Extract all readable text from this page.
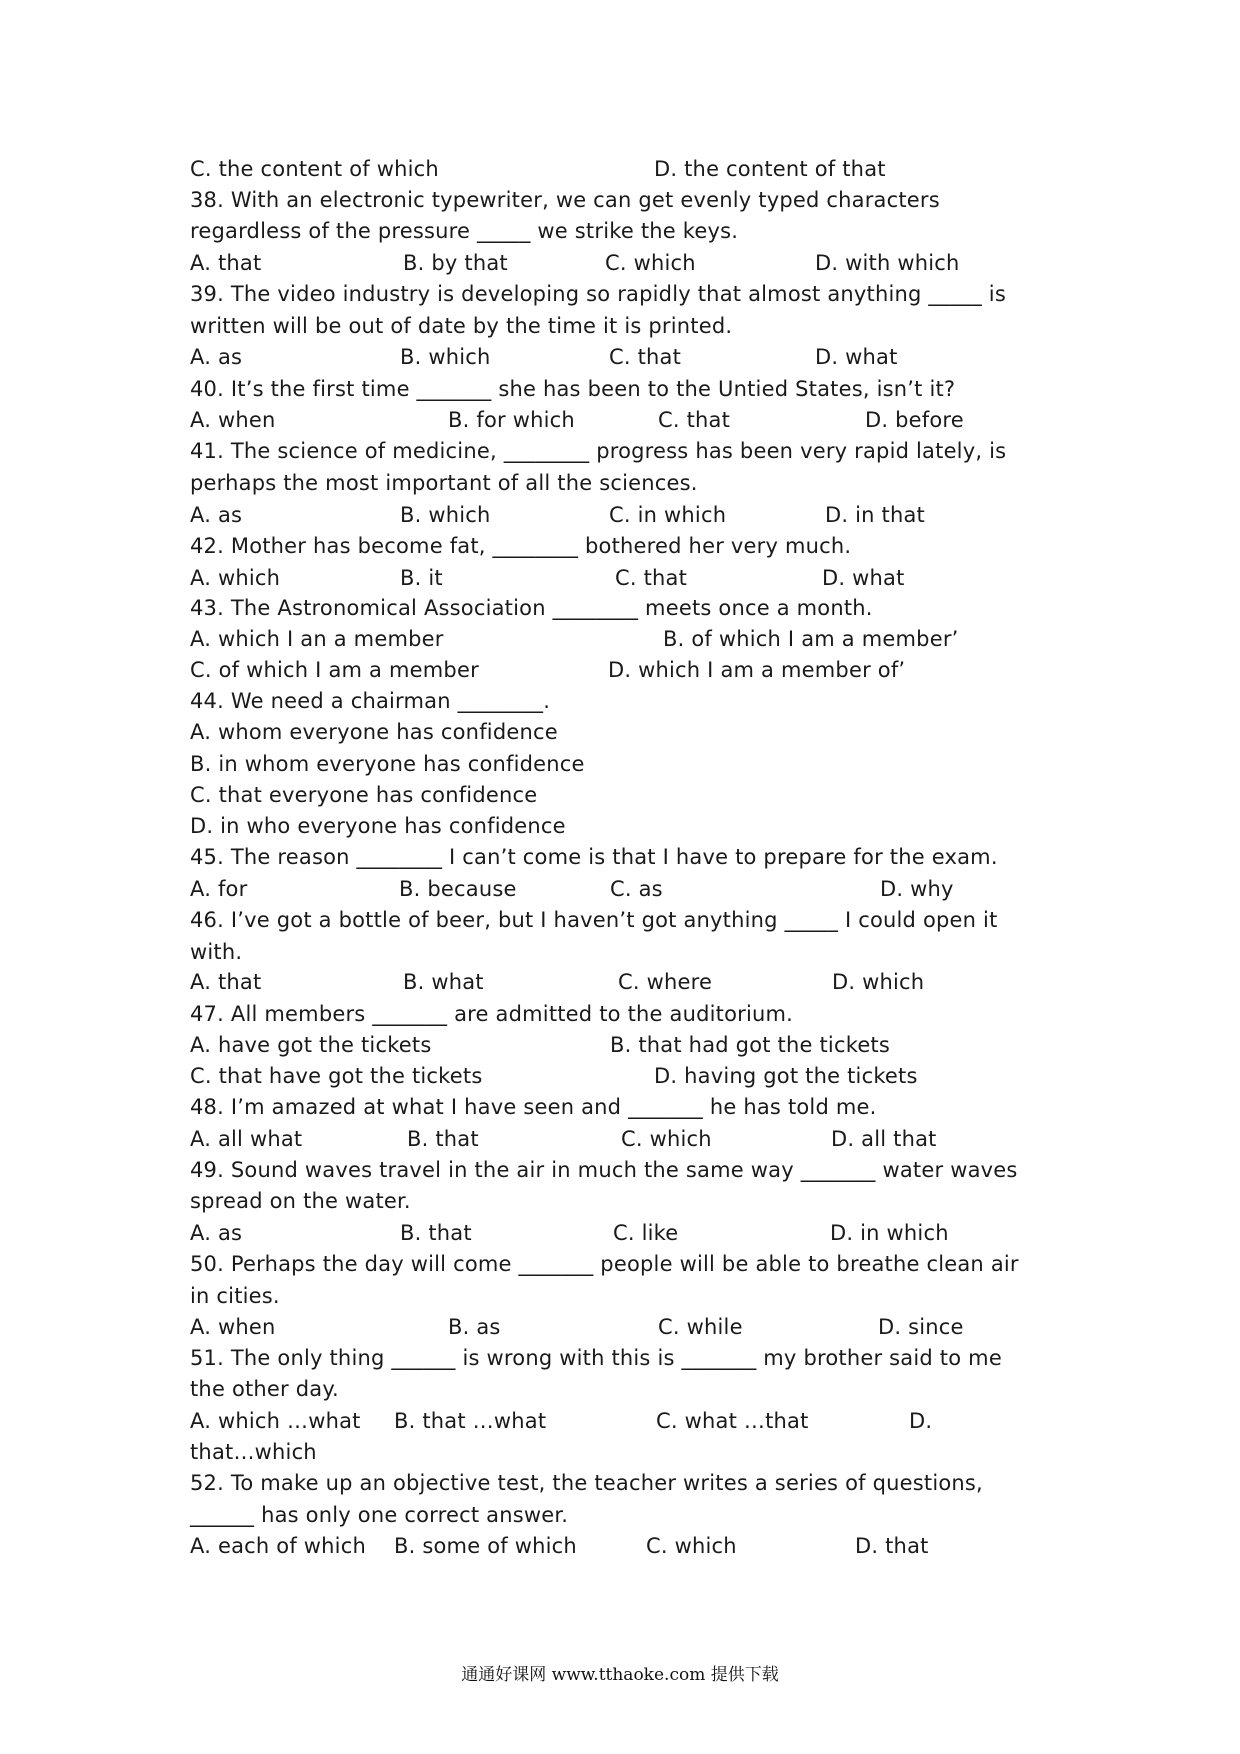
C. the content of which	D. the content of that
38. With an electronic typewriter, we can get evenly typed characters
regardless of the pressure _____ we strike the keys.
A. that	B. by that	C. which	D. with which
39. The video industry is developing so rapidly that almost anything _____ is
written will be out of date by the time it is printed.
A. as	B. which	C. that	D. what
40. It’s the first time _______ she has been to the Untied States, isn’t it?
A. when	B. for which	C. that	D. before
41. The science of medicine, ________ progress has been very rapid lately, is
perhaps the most important of all the sciences.
A. as	B. which	C. in which	D. in that
42. Mother has become fat, ________ bothered her very much.
A. which	B. it	C. that	D. what
43. The Astronomical Association ________ meets once a month.
A. which I an a member	B. of which I am a member’
C. of which I am a member	D. which I am a member of’
44. We need a chairman ________.
A. whom everyone has confidence
B. in whom everyone has confidence
C. that everyone has confidence
D. in who everyone has confidence
45. The reason ________ I can’t come is that I have to prepare for the exam.
A. for	B. because	C. as	D. why
46. I’ve got a bottle of beer, but I haven’t got anything _____ I could open it
with.
A. that	B. what	C. where	D. which
47. All members _______ are admitted to the auditorium.
A. have got the tickets	B. that had got the tickets
C. that have got the tickets	D. having got the tickets
48. I’m amazed at what I have seen and _______ he has told me.
A. all what	B. that	C. which	D. all that
49. Sound waves travel in the air in much the same way _______ water waves
spread on the water.
A. as	B. that	C. like	D. in which
50. Perhaps the day will come _______ people will be able to breathe clean air
in cities.
A. when	B. as	C. while	D. since
51. The only thing ______ is wrong with this is _______ my brother said to me
the other day.
A. which …what B. that …what	C. what …that	D.
that…which
52. To make up an objective test, the teacher writes a series of questions,
______ has only one correct answer.
A. each of which B. some of which	C. which	D. that
通通好课网 www.tthaoke.com 提供下载
